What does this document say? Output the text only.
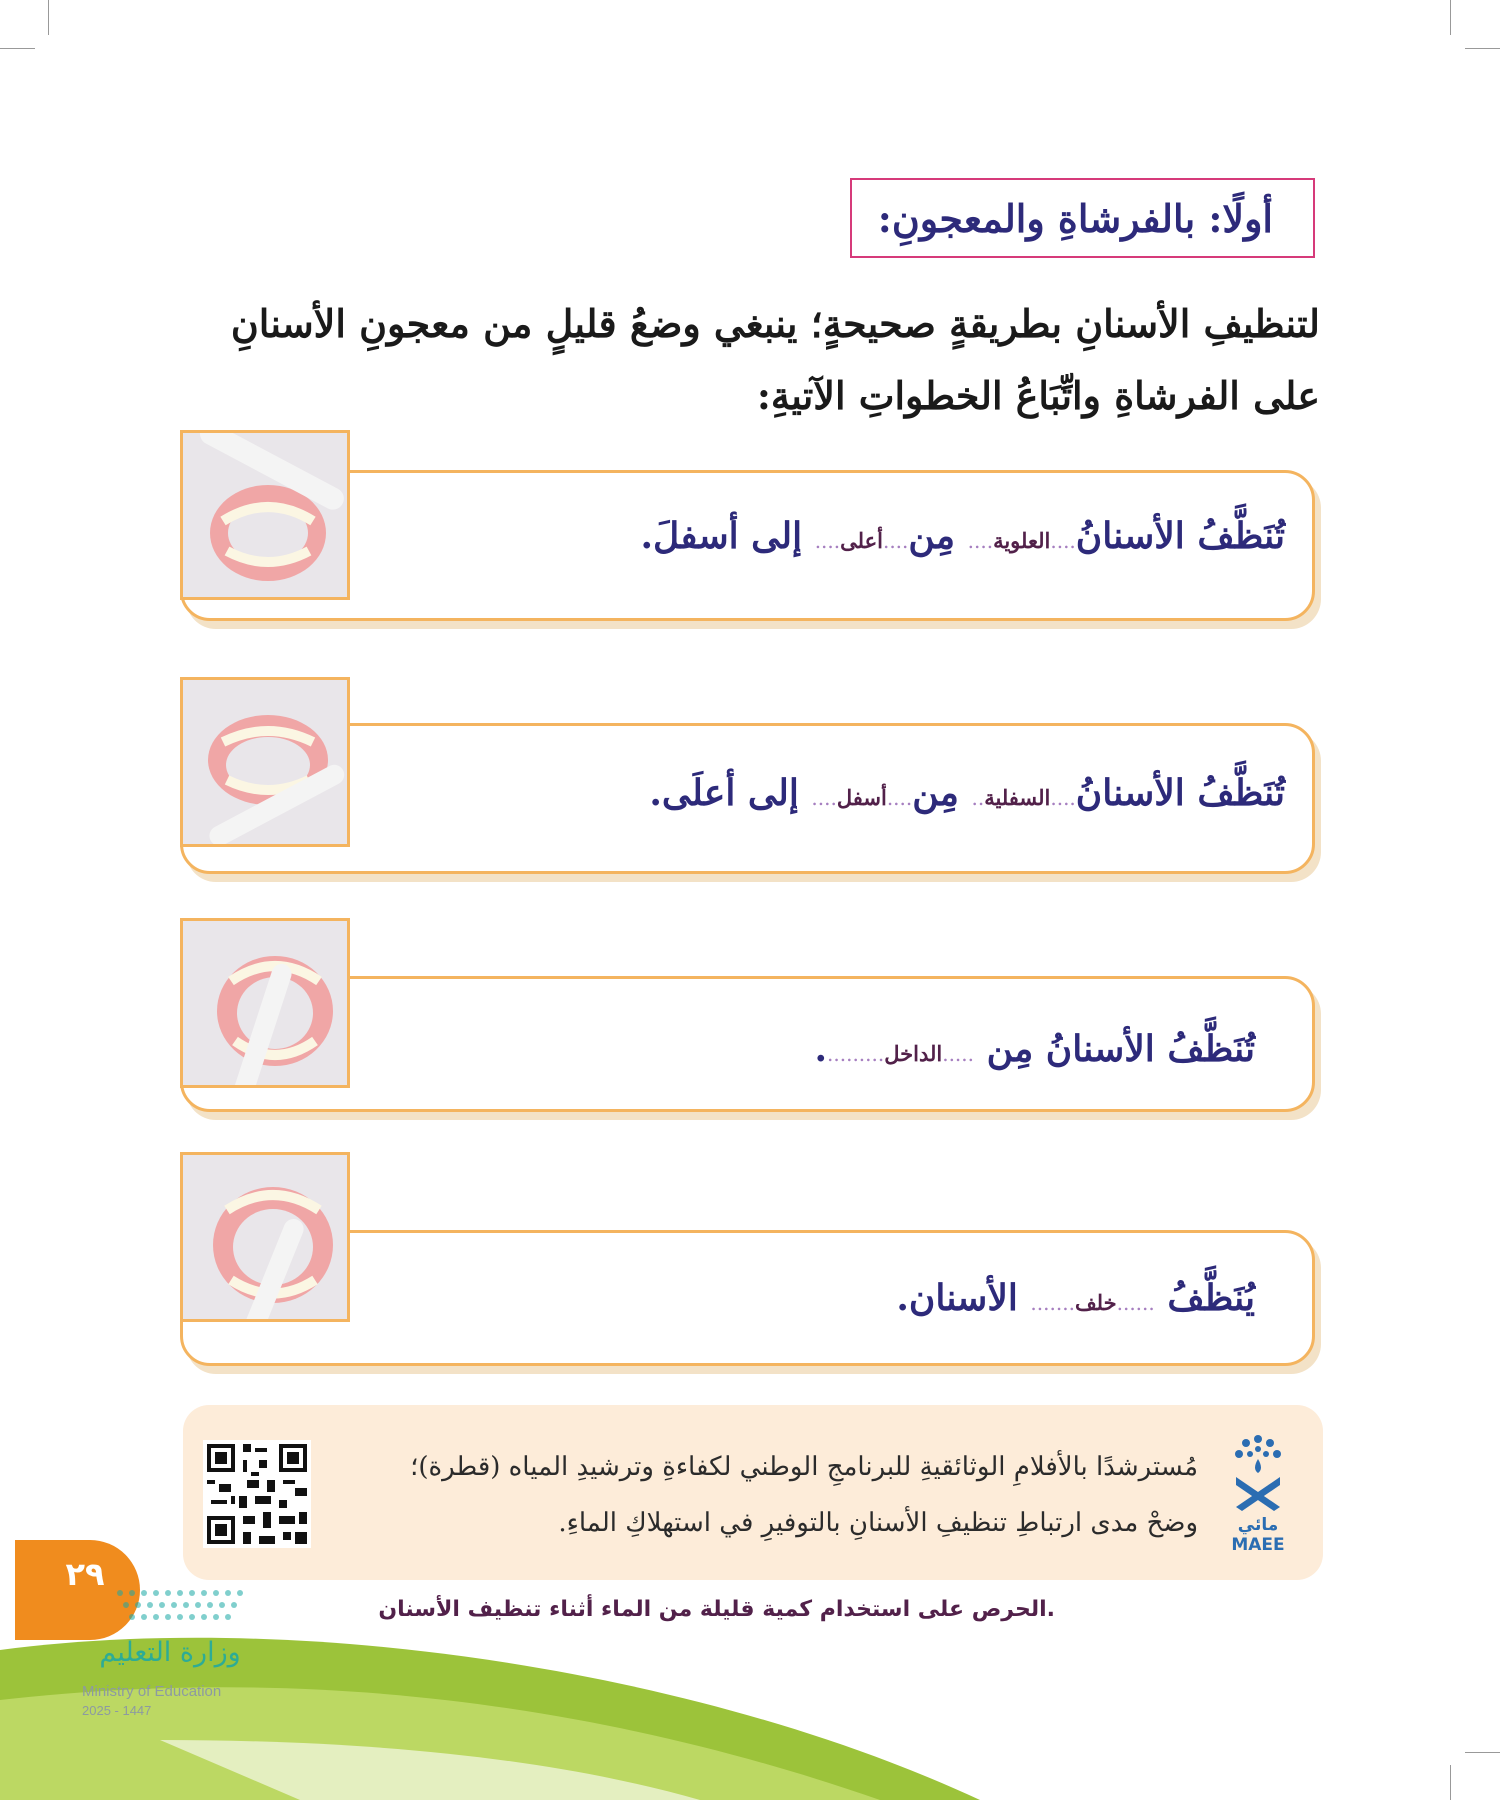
أولًا: بالفرشاةِ والمعجونِ:
لتنظيفِ الأسنانِ بطريقةٍ صحيحةٍ؛ ينبغي وضعُ قليلٍ من معجونِ الأسنانِ
على الفرشاةِ واتِّبَاعُ الخطواتِ الآتيةِ:
تُنَظَّفُ الأسنانُ....العلوية.... مِن....أعلى.... إلى أسفلَ.
تُنَظَّفُ الأسنانُ....السفلية.. مِن....أسفل.... إلى أعلَى.
تُنَظَّفُ الأسنانُ مِن .....الداخل..........
يُنَظَّفُ ......خلف....... الأسنان.
مائي
MAEE
مُسترشدًا بالأفلامِ الوثائقيةِ للبرنامجِ الوطني لكفاءةِ وترشيدِ المياه (قطرة)؛
وضحْ مدى ارتباطِ تنظيفِ الأسنانِ بالتوفيرِ في استهلاكِ الماءِ.
.الحرص على استخدام كمية قليلة من الماء أثناء تنظيف الأسنان
٢٩
وزارة التعليم
Ministry of Education
2025 - 1447
